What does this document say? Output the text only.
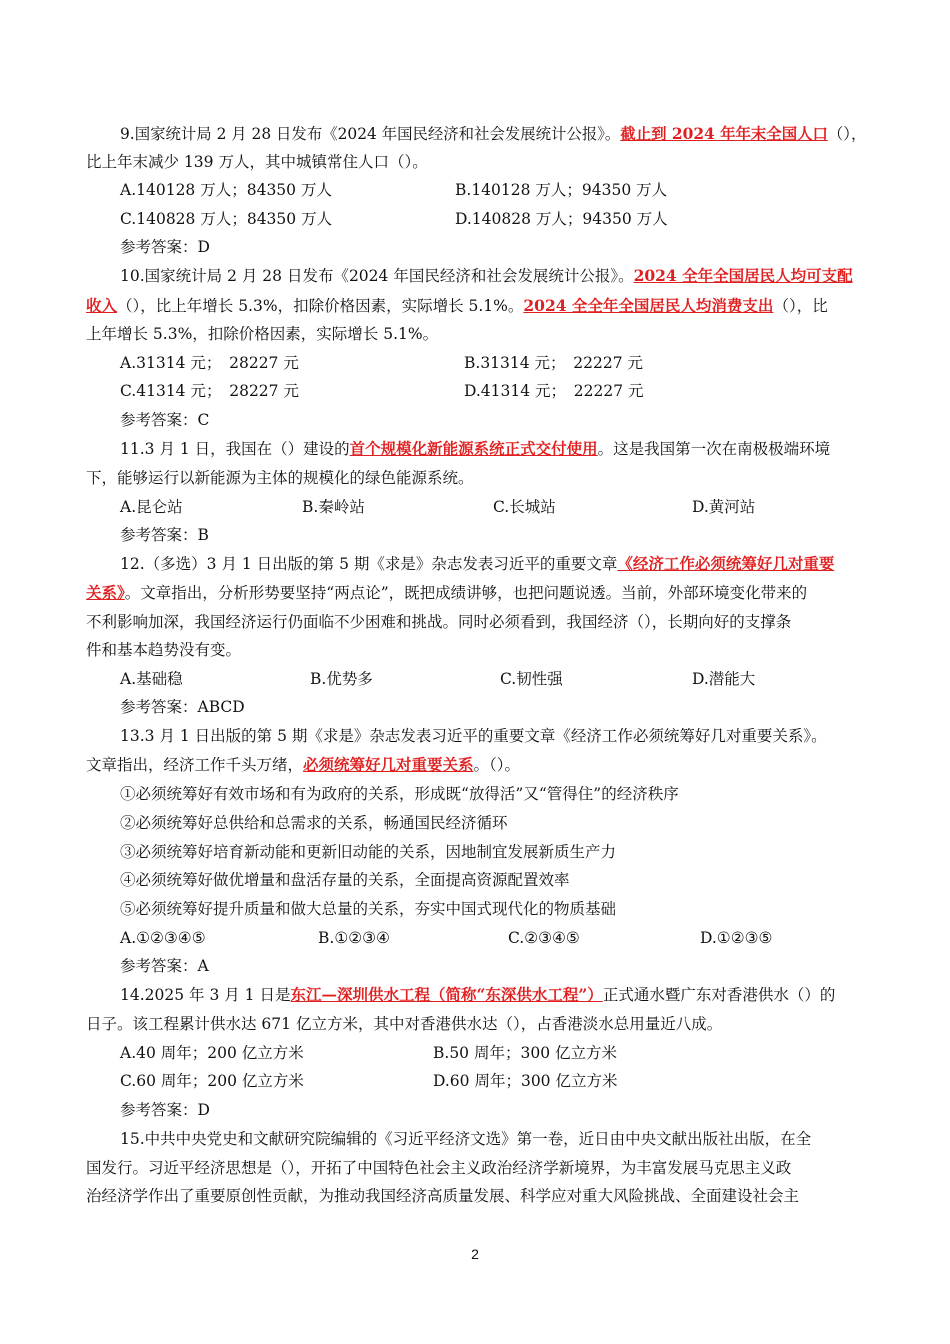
9.国家统计局 2 月 28 日发布《2024 年国民经济和社会发展统计公报》。截止到 2024 年年末全国人口（），
比上年末减少 139 万人，其中城镇常住人口（）。
A.140128 万人；84350 万人	B.140128 万人；94350 万人
C.140828 万人；84350 万人	D.140828 万人；94350 万人
参考答案：D
10.国家统计局 2 月 28 日发布《2024 年国民经济和社会发展统计公报》。2024 全年全国居民人均可支配
收入（），比上年增长 5.3%，扣除价格因素，实际增长 5.1%。2024 全全年全国居民人均消费支出（），比
上年增长 5.3%，扣除价格因素，实际增长 5.1%。
A.31314 元；　28227 元	B.31314 元；　22227 元
C.41314 元；　28227 元	D.41314 元；　22227 元
参考答案：C
11.3 月 1 日，我国在（）建设的首个规模化新能源系统正式交付使用。这是我国第一次在南极极端环境
下，能够运行以新能源为主体的规模化的绿色能源系统。
A.昆仑站	B.秦岭站	C.长城站	D.黄河站
参考答案：B
12.（多选）3 月 1 日出版的第 5 期《求是》杂志发表习近平的重要文章《经济工作必须统筹好几对重要
关系》。文章指出，分析形势要坚持“两点论”，既把成绩讲够，也把问题说透。当前，外部环境变化带来的
不利影响加深，我国经济运行仍面临不少困难和挑战。同时必须看到，我国经济（），长期向好的支撑条
件和基本趋势没有变。
A.基础稳	B.优势多	C.韧性强	D.潜能大
参考答案：ABCD
13.3 月 1 日出版的第 5 期《求是》杂志发表习近平的重要文章《经济工作必须统筹好几对重要关系》。
文章指出，经济工作千头万绪，必须统筹好几对重要关系。（）。
①必须统筹好有效市场和有为政府的关系，形成既“放得活”又“管得住”的经济秩序
②必须统筹好总供给和总需求的关系，畅通国民经济循环
③必须统筹好培育新动能和更新旧动能的关系，因地制宜发展新质生产力
④必须统筹好做优增量和盘活存量的关系，全面提高资源配置效率
⑤必须统筹好提升质量和做大总量的关系，夯实中国式现代化的物质基础
A.①②③④⑤	B.①②③④	C.②③④⑤	D.①②③⑤
参考答案：A
14.2025 年 3 月 1 日是东江—深圳供水工程（简称“东深供水工程”）正式通水暨广东对香港供水（）的
日子。该工程累计供水达 671 亿立方米，其中对香港供水达（），占香港淡水总用量近八成。
A.40 周年；200 亿立方米	B.50 周年；300 亿立方米
C.60 周年；200 亿立方米	D.60 周年；300 亿立方米
参考答案：D
15.中共中央党史和文献研究院编辑的《习近平经济文选》第一卷，近日由中央文献出版社出版，在全
国发行。习近平经济思想是（），开拓了中国特色社会主义政治经济学新境界，为丰富发展马克思主义政
治经济学作出了重要原创性贡献，为推动我国经济高质量发展、科学应对重大风险挑战、全面建设社会主
2
